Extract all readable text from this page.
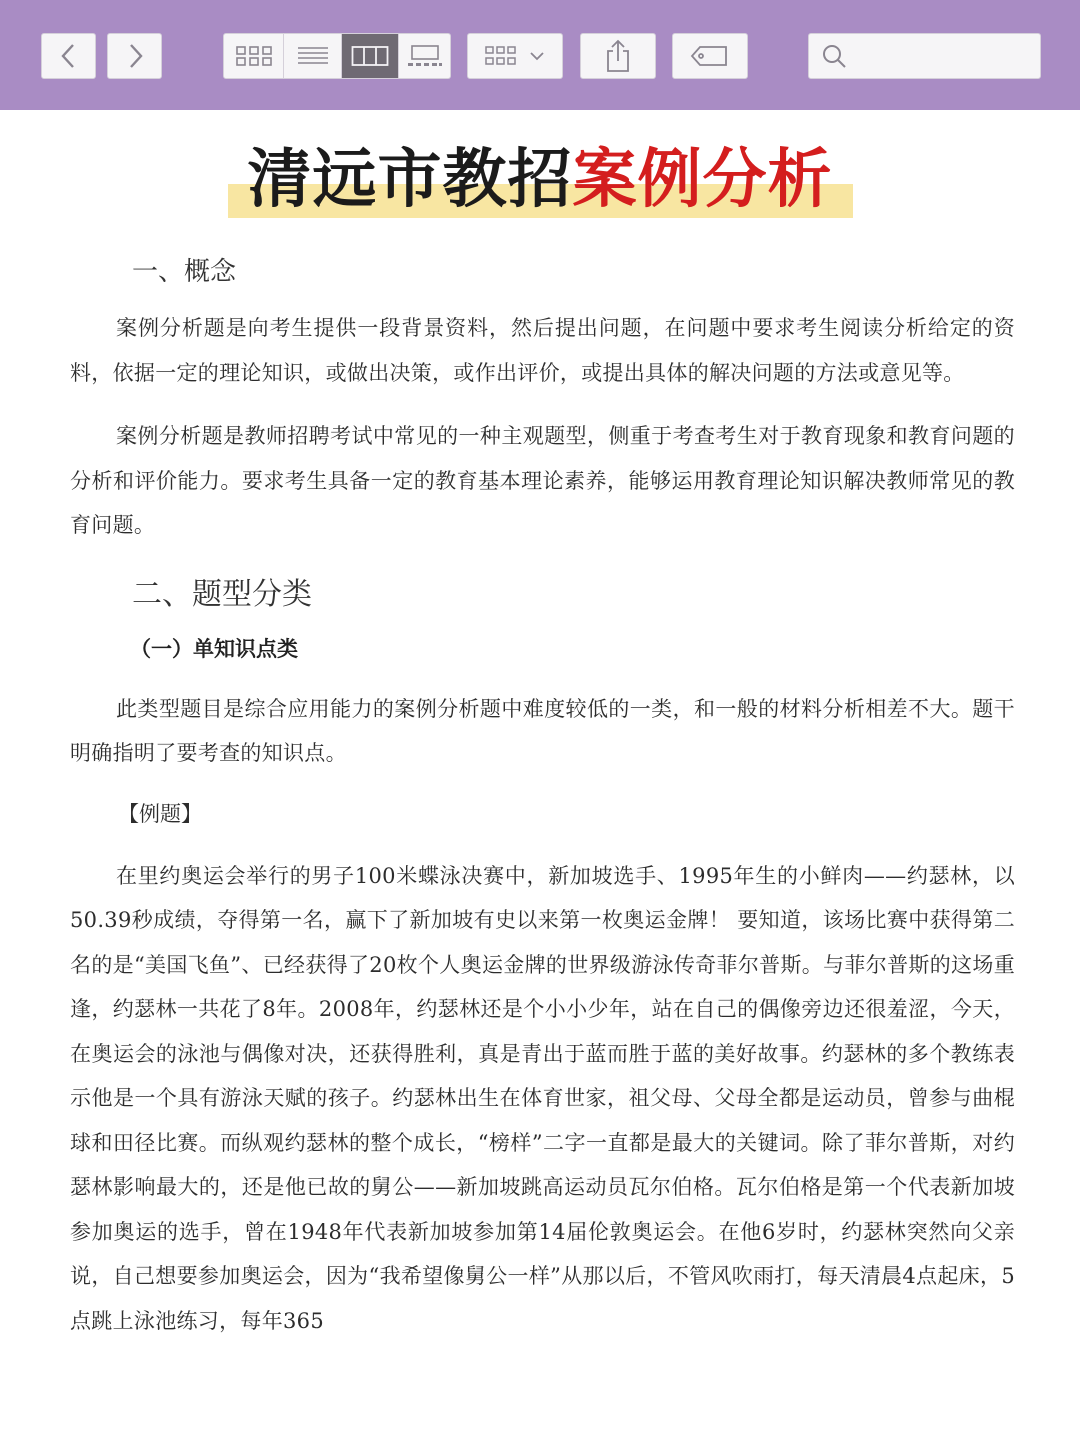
清远市教招案例分析
一、概念

案例分析题是向考生提供一段背景资料，然后提出问题，在问题中要求考生阅读分析给定的资料，依据一定的理论知识，或做出决策，或作出评价，或提出具体的解决问题的方法或意见等。

案例分析题是教师招聘考试中常见的一种主观题型，侧重于考查考生对于教育现象和教育问题的分析和评价能力。要求考生具备一定的教育基本理论素养，能够运用教育理论知识解决教师常见的教育问题。

二、题型分类
（一）单知识点类

此类型题目是综合应用能力的案例分析题中难度较低的一类，和一般的材料分析相差不大。题干明确指明了要考查的知识点。

【例题】

在里约奥运会举行的男子100米蝶泳决赛中，新加坡选手、1995年生的小鲜肉——约瑟林，以50.39秒成绩，夺得第一名，赢下了新加坡有史以来第一枚奥运金牌！ 要知道，该场比赛中获得第二名的是“美国飞鱼”、已经获得了20枚个人奥运金牌的世界级游泳传奇菲尔普斯。与菲尔普斯的这场重逢，约瑟林一共花了8年。2008年，约瑟林还是个小小少年，站在自己的偶像旁边还很羞涩，今天，在奥运会的泳池与偶像对决，还获得胜利，真是青出于蓝而胜于蓝的美好故事。约瑟林的多个教练表示他是一个具有游泳天赋的孩子。约瑟林出生在体育世家，祖父母、父母全都是运动员，曾参与曲棍球和田径比赛。而纵观约瑟林的整个成长，“榜样”二字一直都是最大的关键词。除了菲尔普斯，对约瑟林影响最大的，还是他已故的舅公——新加坡跳高运动员瓦尔伯格。瓦尔伯格是第一个代表新加坡参加奥运的选手，曾在1948年代表新加坡参加第14届伦敦奥运会。在他6岁时，约瑟林突然向父亲说，自己想要参加奥运会，因为“我希望像舅公一样”从那以后，不管风吹雨打，每天清晨4点起床，5点跳上泳池练习，每年365
